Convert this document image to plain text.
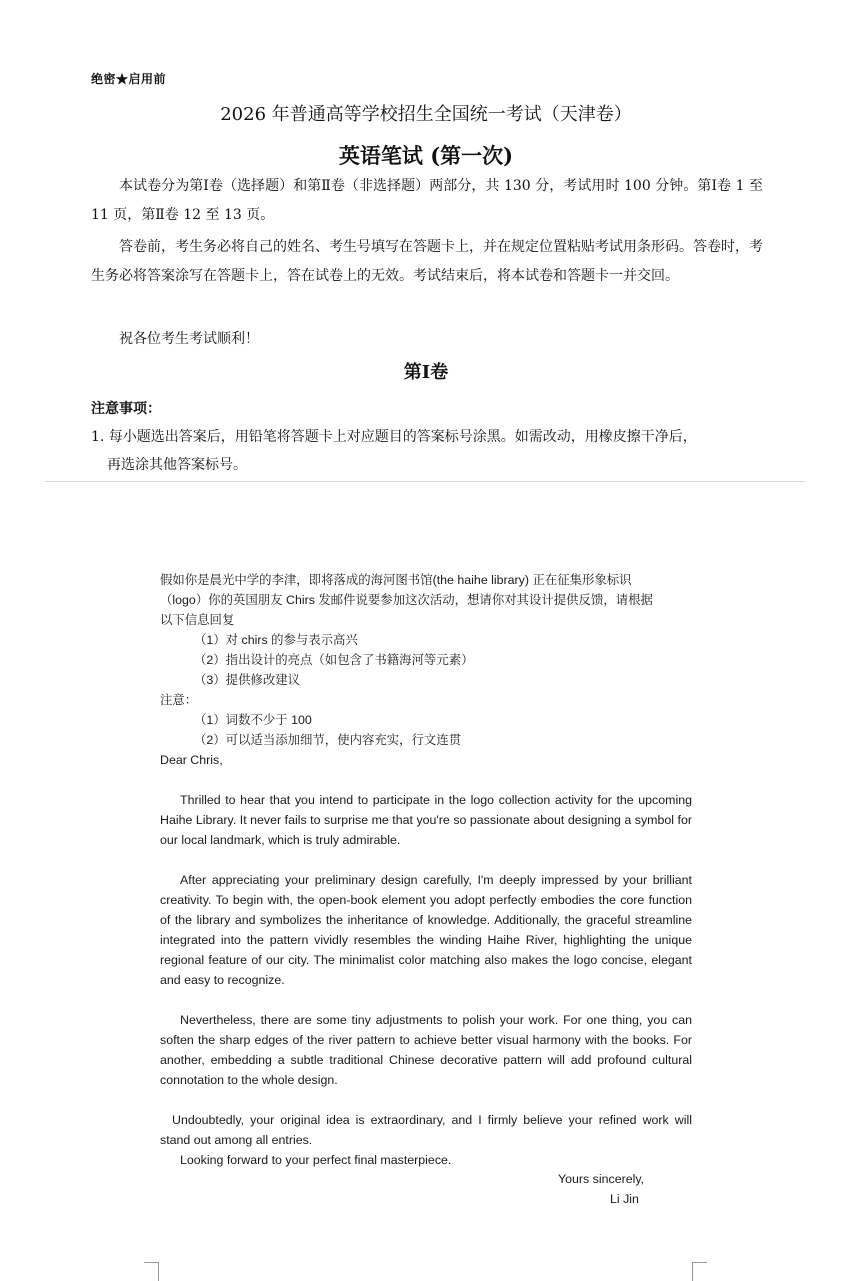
绝密★启用前
2026 年普通高等学校招生全国统一考试（天津卷）
英语笔试 (第一次)
本试卷分为第Ⅰ卷（选择题）和第Ⅱ卷（非选择题）两部分，共 130 分，考试用时 100 分钟。第Ⅰ卷 1 至 11 页，第Ⅱ卷 12 至 13 页。
答卷前，考生务必将自己的姓名、考生号填写在答题卡上，并在规定位置粘贴考试用条形码。答卷时，考生务必将答案涂写在答题卡上，答在试卷上的无效。考试结束后，将本试卷和答题卡一并交回。
祝各位考生考试顺利！
第Ⅰ卷
注意事项：
1. 每小题选出答案后，用铅笔将答题卡上对应题目的答案标号涂黑。如需改动，用橡皮擦干净后，
再选涂其他答案标号。
假如你是晨光中学的李津，即将落成的海河图书馆(the haihe library) 正在征集形象标识
（logo）你的英国朋友 Chirs 发邮件说要参加这次活动，想请你对其设计提供反馈，请根据
以下信息回复
（1）对 chirs 的参与表示高兴
（2）指出设计的亮点（如包含了书籍海河等元素）
（3）提供修改建议
注意：
（1）词数不少于 100
（2）可以适当添加细节，使内容充实，行文连贯
Dear Chris,
Thrilled to hear that you intend to participate in the logo collection activity for the upcoming Haihe Library. It never fails to surprise me that you're so passionate about designing a symbol for our local landmark, which is truly admirable.
After appreciating your preliminary design carefully, I'm deeply impressed by your brilliant creativity. To begin with, the open-book element you adopt perfectly embodies the core function of the library and symbolizes the inheritance of knowledge. Additionally, the graceful streamline integrated into the pattern vividly resembles the winding Haihe River, highlighting the unique regional feature of our city. The minimalist color matching also makes the logo concise, elegant and easy to recognize.
Nevertheless, there are some tiny adjustments to polish your work. For one thing, you can soften the sharp edges of the river pattern to achieve better visual harmony with the books. For another, embedding a subtle traditional Chinese decorative pattern will add profound cultural connotation to the whole design.
Undoubtedly, your original idea is extraordinary, and I firmly believe your refined work will stand out among all entries.
Looking forward to your perfect final masterpiece.
Yours sincerely,
Li Jin
